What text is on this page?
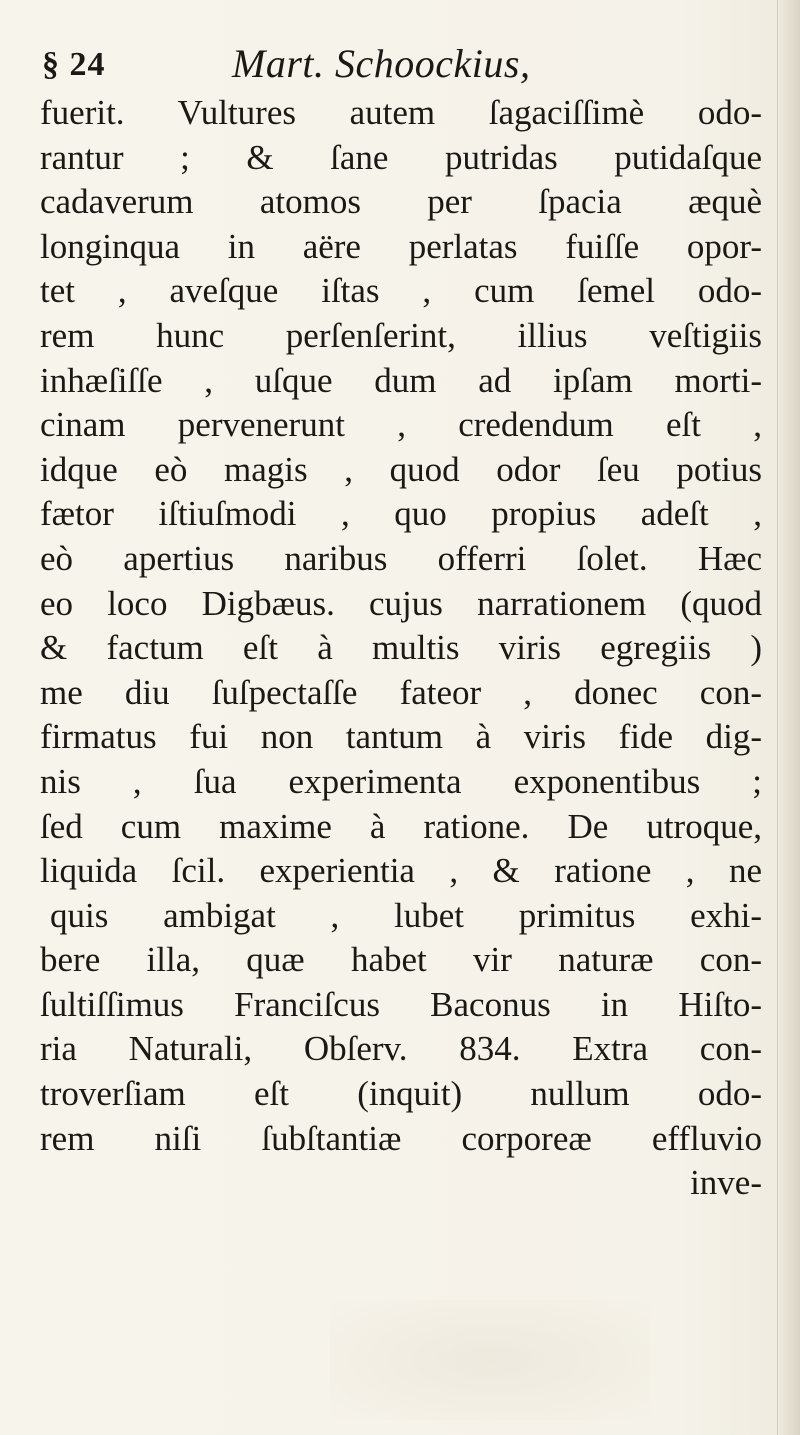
§ 24	Mart. Schoockius,
fuerit. Vultures autem ſagaciſſimè odo-
rantur ; & ſane putridas putidaſque
cadaverum atomos per ſpacia æquè
longinqua in aëre perlatas fuiſſe opor-
tet , aveſque iſtas , cum ſemel odo-
rem hunc perſenſerint, illius veſtigiis
inhæſiſſe , uſque dum ad ipſam morti-
cinam pervenerunt , credendum eſt ,
idque eò magis , quod odor ſeu potius
fætor iſtiuſmodi , quo propius adeſt ,
eò apertius naribus offerri ſolet. Hæc
eo loco Digbæus. cujus narrationem (quod
& factum eſt à multis viris egregiis )
me diu ſuſpectaſſe fateor , donec con-
firmatus fui non tantum à viris fide dig-
nis , ſua experimenta exponentibus ;
ſed cum maxime à ratione. De utroque,
liquida ſcil. experientia , & ratione , ne
quis ambigat , lubet primitus exhi-
bere illa, quæ habet vir naturæ con-
ſultiſſimus Franciſcus Baconus in Hiſto-
ria Naturali, Obſerv. 834. Extra con-
troverſiam eſt (inquit) nullum odo-
rem niſi ſubſtantiæ corporeæ effluvio
inve-
